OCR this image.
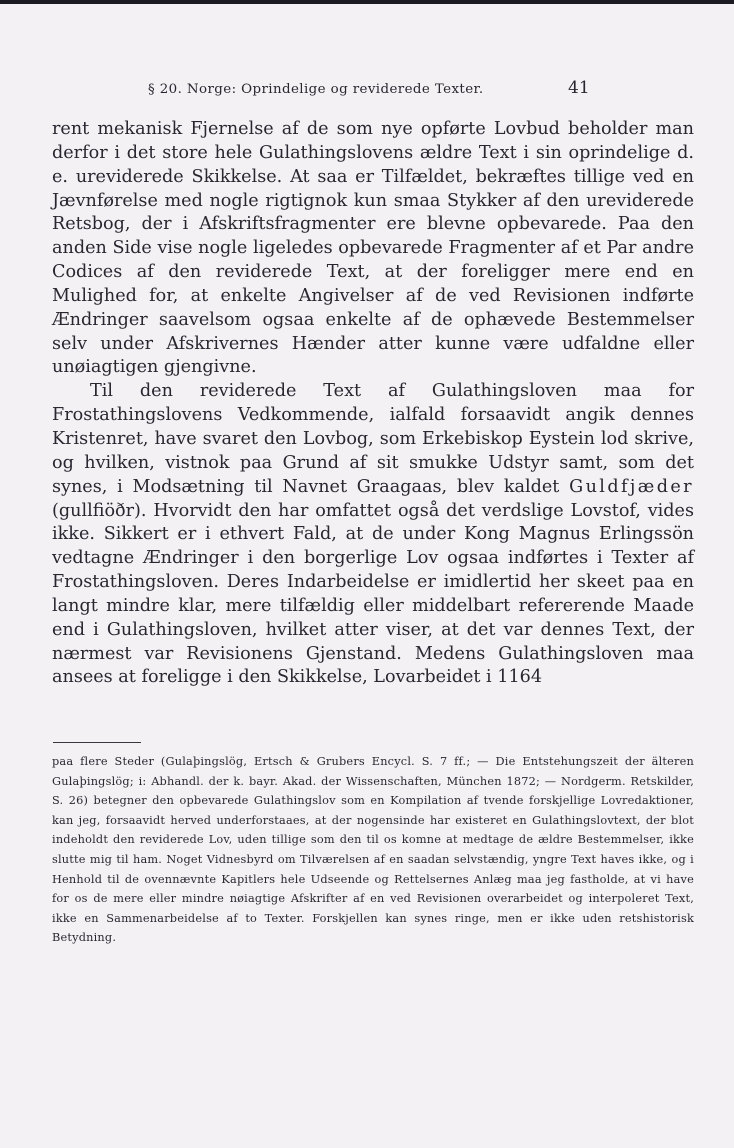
§ 20. Norge: Oprindelige og reviderede Texter.	41

rent mekanisk Fjernelse af de som nye opførte Lovbud beholder man derfor i det store hele Gulathingslovens ældre Text i sin oprindelige d. e. ureviderede Skikkelse. At saa er Tilfældet, bekræftes tillige ved en Jævnførelse med nogle rigtignok kun smaa Stykker af den ureviderede Retsbog, der i Afskriftsfragmenter ere blevne opbevarede. Paa den anden Side vise nogle ligeledes opbevarede Fragmenter af et Par andre Codices af den reviderede Text, at der foreligger mere end en Mulighed for, at enkelte Angivelser af de ved Revisionen indførte Ændringer saavelsom ogsaa enkelte af de ophævede Bestemmelser selv under Afskrivernes Hænder atter kunne være udfaldne eller unøiagtigen gjengivne.

Til den reviderede Text af Gulathingsloven maa for Frostathingslovens Vedkommende, ialfald forsaavidt angik dennes Kristenret, have svaret den Lovbog, som Erkebiskop Eystein lod skrive, og hvilken, vistnok paa Grund af sit smukke Udstyr samt, som det synes, i Modsætning til Navnet Graagaas, blev kaldet Guldfjæder (gullfiöðr). Hvorvidt den har omfattet også det verdslige Lovstof, vides ikke. Sikkert er i ethvert Fald, at de under Kong Magnus Erlingssön vedtagne Ændringer i den borgerlige Lov ogsaa indførtes i Texter af Frostathingsloven. Deres Indarbeidelse er imidlertid her skeet paa en langt mindre klar, mere tilfældig eller middelbart refererende Maade end i Gulathingsloven, hvilket atter viser, at det var dennes Text, der nærmest var Revisionens Gjenstand. Medens Gulathingsloven maa ansees at foreligge i den Skikkelse, Lovarbeidet i 1164

paa flere Steder (Gulaþingslög, Ertsch & Grubers Encycl. S. 7 ff.; — Die Entstehungszeit der älteren Gulaþingslög; i: Abhandl. der k. bayr. Akad. der Wissenschaften, München 1872; — Nordgerm. Retskilder, S. 26) betegner den opbevarede Gulathingslov som en Kompilation af tvende forskjellige Lovredaktioner, kan jeg, forsaavidt herved underforstaaes, at der nogensinde har existeret en Gulathingslovtext, der blot indeholdt den reviderede Lov, uden tillige som den til os komne at medtage de ældre Bestemmelser, ikke slutte mig til ham. Noget Vidnesbyrd om Tilværelsen af en saadan selvstændig, yngre Text haves ikke, og i Henhold til de ovennævnte Kapitlers hele Udseende og Rettelsernes Anlæg maa jeg fastholde, at vi have for os de mere eller mindre nøiagtige Afskrifter af en ved Revisionen overarbeidet og interpoleret Text, ikke en Sammenarbeidelse af to Texter. Forskjellen kan synes ringe, men er ikke uden retshistorisk Betydning.
